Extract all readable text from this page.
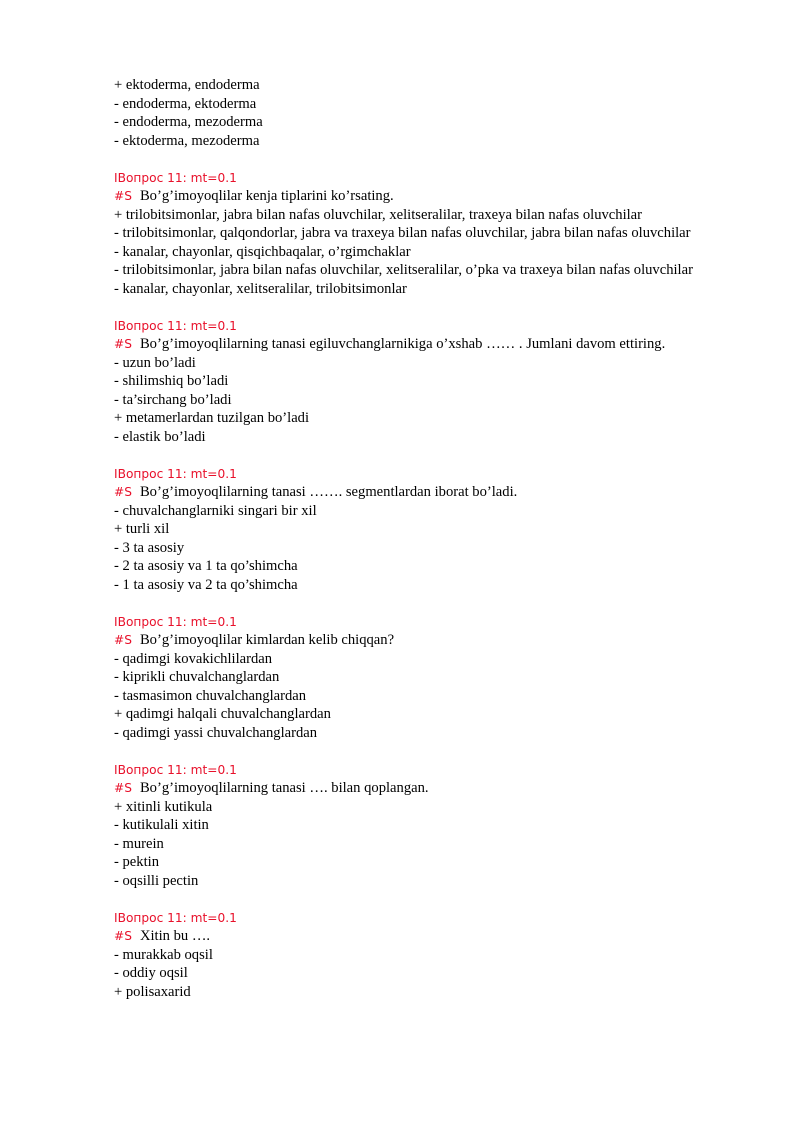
+ ektoderma, endoderma
- endoderma, ektoderma
- endoderma, mezoderma
- ektoderma, mezoderma
IВопрос 11: mt=0.1
#S Bo’g’imoyoqlilar kenja tiplarini ko’rsating.
+ trilobitsimonlar, jabra bilan nafas oluvchilar, xelitseralilar, traxeya bilan nafas oluvchilar
- trilobitsimonlar, qalqondorlar, jabra va traxeya bilan nafas oluvchilar, jabra bilan nafas oluvchilar
- kanalar, chayonlar, qisqichbaqalar, o’rgimchaklar
- trilobitsimonlar, jabra bilan nafas oluvchilar, xelitseralilar, o’pka va traxeya bilan nafas oluvchilar
- kanalar, chayonlar, xelitseralilar, trilobitsimonlar
IВопрос 11: mt=0.1
#S Bo’g’imoyoqlilarning tanasi egiluvchanglarnikiga o’xshab …… . Jumlani davom ettiring.
- uzun bo’ladi
- shilimshiq bo’ladi
- ta’sirchang bo’ladi
+ metamerlardan tuzilgan bo’ladi
- elastik bo’ladi
IВопрос 11: mt=0.1
#S Bo’g’imoyoqlilarning tanasi ……. segmentlardan iborat bo’ladi.
- chuvalchanglarniki singari bir xil
+ turli xil
- 3 ta asosiy
- 2 ta asosiy va 1 ta qo’shimcha
- 1 ta asosiy va 2 ta qo’shimcha
IВопрос 11: mt=0.1
#S Bo’g’imoyoqlilar kimlardan kelib chiqqan?
- qadimgi kovakichlilardan
- kiprikli chuvalchanglardan
- tasmasimon chuvalchanglardan
+ qadimgi halqali chuvalchanglardan
- qadimgi yassi chuvalchanglardan
IВопрос 11: mt=0.1
#S Bo’g’imoyoqlilarning tanasi …. bilan qoplangan.
+ xitinli kutikula
- kutikulali xitin
- murein
- pektin
- oqsilli pectin
IВопрос 11: mt=0.1
#S Xitin bu ….
- murakkab oqsil
- oddiy oqsil
+ polisaxarid
